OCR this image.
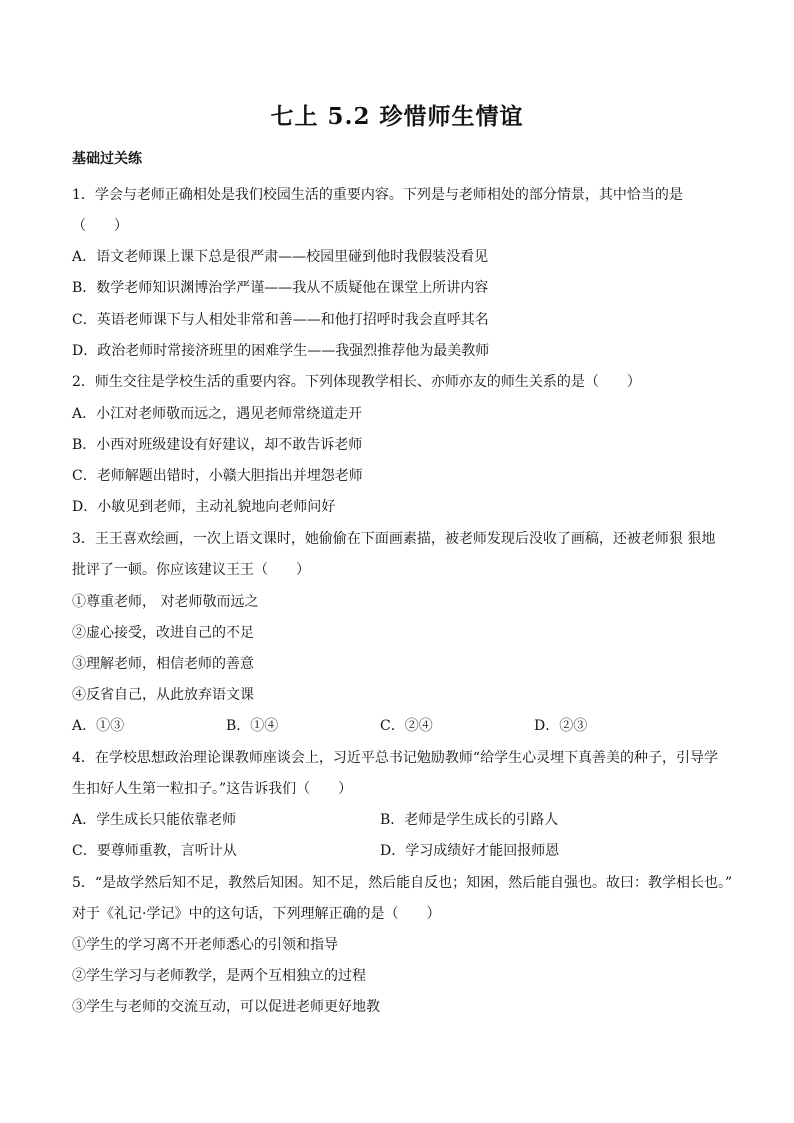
七上 5.2 珍惜师生情谊
基础过关练
1．学会与老师正确相处是我们校园生活的重要内容。下列是与老师相处的部分情景，其中恰当的是
（　　）
A．语文老师课上课下总是很严肃——校园里碰到他时我假装没看见
B．数学老师知识渊博治学严谨——我从不质疑他在课堂上所讲内容
C．英语老师课下与人相处非常和善——和他打招呼时我会直呼其名
D．政治老师时常接济班里的困难学生——我强烈推荐他为最美教师
2．师生交往是学校生活的重要内容。下列体现教学相长、亦师亦友的师生关系的是（　　）
A．小江对老师敬而远之，遇见老师常绕道走开
B．小西对班级建设有好建议，却不敢告诉老师
C．老师解题出错时，小赣大胆指出并埋怨老师
D．小敏见到老师，主动礼貌地向老师问好
3．王王喜欢绘画，一次上语文课时，她偷偷在下面画素描，被老师发现后没收了画稿，还被老师狠 狠地
批评了一顿。你应该建议王王（　　）
①尊重老师， 对老师敬而远之
②虚心接受，改进自己的不足
③理解老师，相信老师的善意
④反省自己，从此放弃语文课
A．①③	B．①④	C．②④	D．②③
4．在学校思想政治理论课教师座谈会上，习近平总书记勉励教师“给学生心灵埋下真善美的种子，引导学
生扣好人生第一粒扣子。”这告诉我们（　　）
A．学生成长只能依靠老师	B．老师是学生成长的引路人
C．要尊师重教，言听计从	D．学习成绩好才能回报师恩
5．“是故学然后知不足，教然后知困。知不足，然后能自反也；知困，然后能自强也。故曰：教学相长也。”
对于《礼记·学记》中的这句话，下列理解正确的是（　　）
①学生的学习离不开老师悉心的引领和指导
②学生学习与老师教学，是两个互相独立的过程
③学生与老师的交流互动，可以促进老师更好地教
